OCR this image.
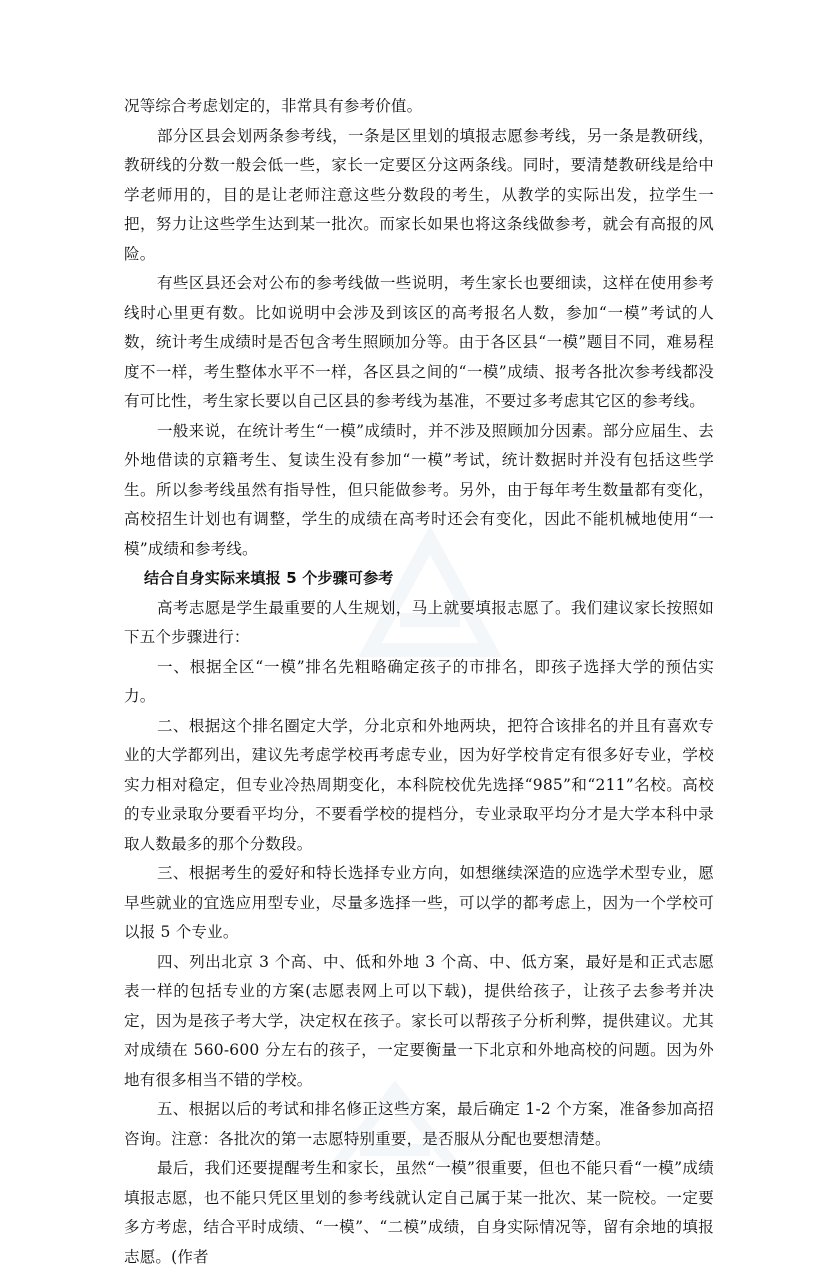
况等综合考虑划定的，非常具有参考价值。

部分区县会划两条参考线，一条是区里划的填报志愿参考线，另一条是教研线，教研线的分数一般会低一些，家长一定要区分这两条线。同时，要清楚教研线是给中学老师用的，目的是让老师注意这些分数段的考生，从教学的实际出发，拉学生一把，努力让这些学生达到某一批次。而家长如果也将这条线做参考，就会有高报的风险。

有些区县还会对公布的参考线做一些说明，考生家长也要细读，这样在使用参考线时心里更有数。比如说明中会涉及到该区的高考报名人数，参加“一模”考试的人数，统计考生成绩时是否包含考生照顾加分等。由于各区县“一模”题目不同，难易程度不一样，考生整体水平不一样，各区县之间的“一模”成绩、报考各批次参考线都没有可比性，考生家长要以自己区县的参考线为基准，不要过多考虑其它区的参考线。

一般来说，在统计考生“一模”成绩时，并不涉及照顾加分因素。部分应届生、去外地借读的京籍考生、复读生没有参加“一模”考试，统计数据时并没有包括这些学生。所以参考线虽然有指导性，但只能做参考。另外，由于每年考生数量都有变化，高校招生计划也有调整，学生的成绩在高考时还会有变化，因此不能机械地使用“一模”成绩和参考线。

结合自身实际来填报 5 个步骤可参考

高考志愿是学生最重要的人生规划，马上就要填报志愿了。我们建议家长按照如下五个步骤进行：

一、根据全区“一模”排名先粗略确定孩子的市排名，即孩子选择大学的预估实力。

二、根据这个排名圈定大学，分北京和外地两块，把符合该排名的并且有喜欢专业的大学都列出，建议先考虑学校再考虑专业，因为好学校肯定有很多好专业，学校实力相对稳定，但专业冷热周期变化，本科院校优先选择“985”和“211”名校。高校的专业录取分要看平均分，不要看学校的提档分，专业录取平均分才是大学本科中录取人数最多的那个分数段。

三、根据考生的爱好和特长选择专业方向，如想继续深造的应选学术型专业，愿早些就业的宜选应用型专业，尽量多选择一些，可以学的都考虑上，因为一个学校可以报 5 个专业。

四、列出北京 3 个高、中、低和外地 3 个高、中、低方案，最好是和正式志愿表一样的包括专业的方案(志愿表网上可以下载)，提供给孩子，让孩子去参考并决定，因为是孩子考大学，决定权在孩子。家长可以帮孩子分析利弊，提供建议。尤其对成绩在 560-600 分左右的孩子，一定要衡量一下北京和外地高校的问题。因为外地有很多相当不错的学校。

五、根据以后的考试和排名修正这些方案，最后确定 1-2 个方案，准备参加高招咨询。注意：各批次的第一志愿特别重要，是否服从分配也要想清楚。

最后，我们还要提醒考生和家长，虽然“一模”很重要，但也不能只看“一模”成绩填报志愿，也不能只凭区里划的参考线就认定自己属于某一批次、某一院校。一定要多方考虑，结合平时成绩、“一模”、“二模”成绩，自身实际情况等，留有余地的填报志愿。(作者
